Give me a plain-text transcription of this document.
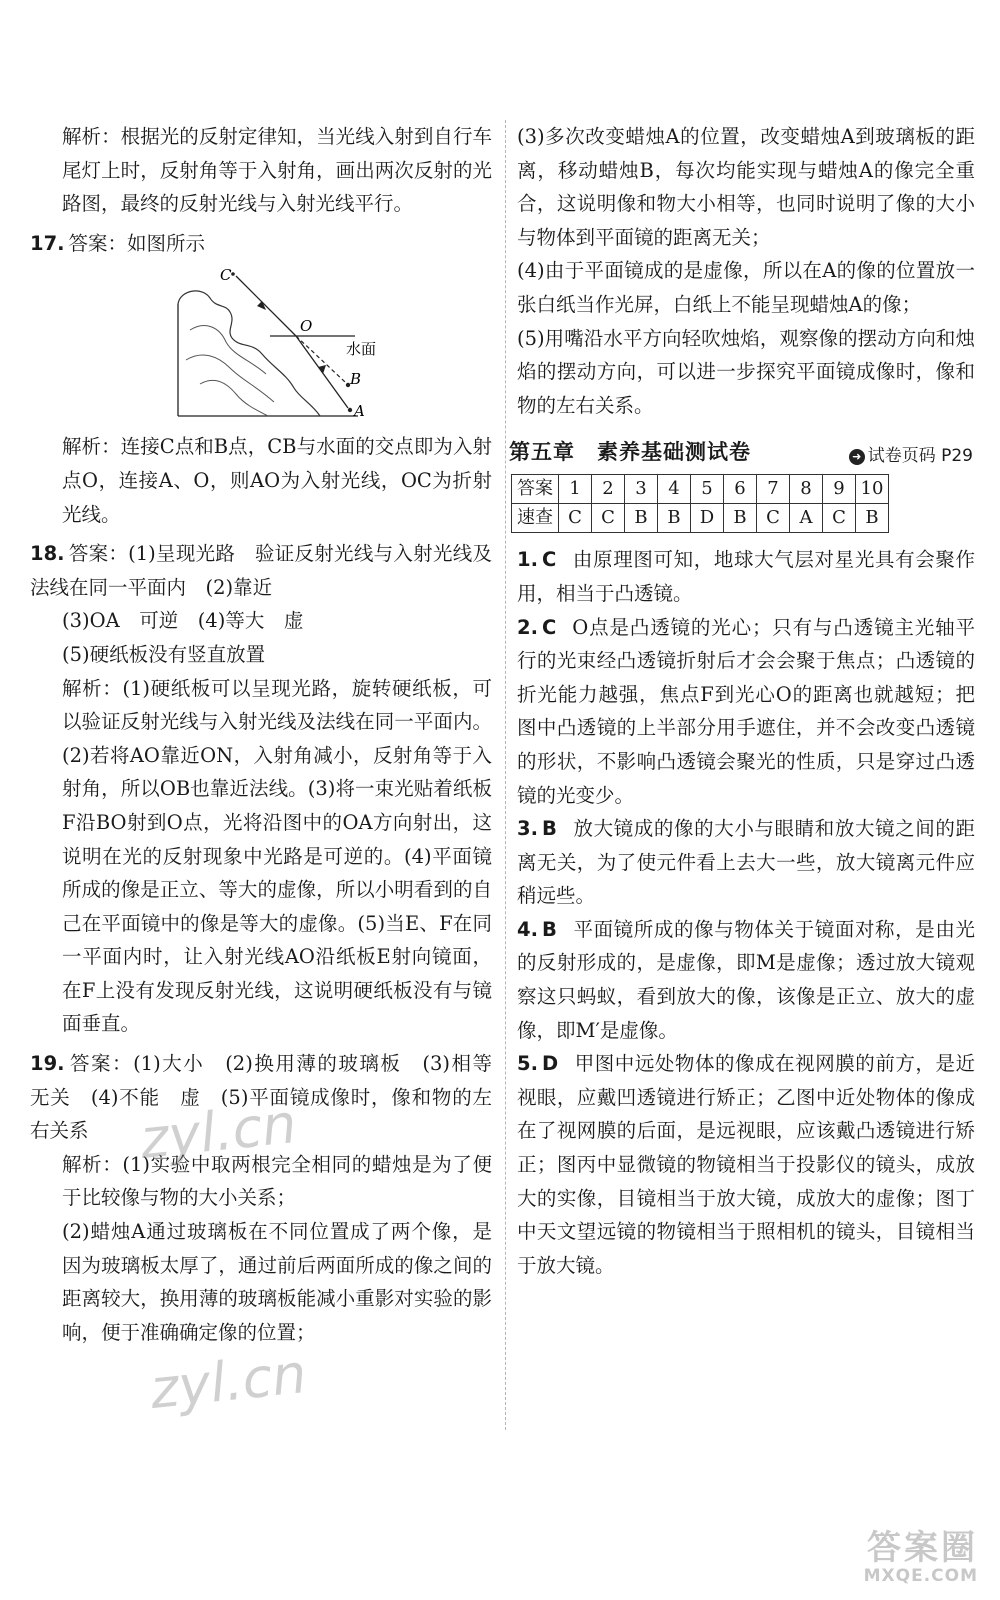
解析：根据光的反射定律知，当光线入射到自行车尾灯上时，反射角等于入射角，画出两次反射的光路图，最终的反射光线与入射光线平行。

17. 答案：如图所示

C
O
B
A
水面

解析：连接C点和B点，CB与水面的交点即为入射点O，连接A、O，则AO为入射光线，OC为折射光线。

18. 答案：(1)呈现光路　验证反射光线与入射光线及法线在同一平面内　(2)靠近

(3)OA　可逆　(4)等大　虚

(5)硬纸板没有竖直放置

解析：(1)硬纸板可以呈现光路，旋转硬纸板，可以验证反射光线与入射光线及法线在同一平面内。(2)若将AO靠近ON，入射角减小，反射角等于入射角，所以OB也靠近法线。(3)将一束光贴着纸板F沿BO射到O点，光将沿图中的OA方向射出，这说明在光的反射现象中光路是可逆的。(4)平面镜所成的像是正立、等大的虚像，所以小明看到的自己在平面镜中的像是等大的虚像。(5)当E、F在同一平面内时，让入射光线AO沿纸板E射向镜面，在F上没有发现反射光线，这说明硬纸板没有与镜面垂直。

19. 答案：(1)大小　(2)换用薄的玻璃板　(3)相等　无关　(4)不能　虚　(5)平面镜成像时，像和物的左右关系

解析：(1)实验中取两根完全相同的蜡烛是为了便于比较像与物的大小关系；

(2)蜡烛A通过玻璃板在不同位置成了两个像，是因为玻璃板太厚了，通过前后两面所成的像之间的距离较大，换用薄的玻璃板能减小重影对实验的影响，便于准确确定像的位置；

(3)多次改变蜡烛A的位置，改变蜡烛A到玻璃板的距离，移动蜡烛B，每次均能实现与蜡烛A的像完全重合，这说明像和物大小相等，也同时说明了像的大小与物体到平面镜的距离无关；

(4)由于平面镜成的是虚像，所以在A的像的位置放一张白纸当作光屏，白纸上不能呈现蜡烛A的像；

(5)用嘴沿水平方向轻吹烛焰，观察像的摆动方向和烛焰的摆动方向，可以进一步探究平面镜成像时，像和物的左右关系。

第五章 素养基础测试卷	➜ 试卷页码 P29
答案	1	2	3	4	5	6	7	8	9	10
速查	C	C	B	B	D	B	C	A	C	B

1. C 由原理图可知，地球大气层对星光具有会聚作用，相当于凸透镜。

2. C O点是凸透镜的光心；只有与凸透镜主光轴平行的光束经凸透镜折射后才会会聚于焦点；凸透镜的折光能力越强，焦点F到光心O的距离也就越短；把图中凸透镜的上半部分用手遮住，并不会改变凸透镜的形状，不影响凸透镜会聚光的性质，只是穿过凸透镜的光变少。

3. B 放大镜成的像的大小与眼睛和放大镜之间的距离无关，为了使元件看上去大一些，放大镜离元件应稍远些。

4. B 平面镜所成的像与物体关于镜面对称，是由光的反射形成的，是虚像，即M是虚像；透过放大镜观察这只蚂蚁，看到放大的像，该像是正立、放大的虚像，即M′是虚像。

5. D 甲图中远处物体的像成在视网膜的前方，是近视眼，应戴凹透镜进行矫正；乙图中近处物体的像成在了视网膜的后面，是远视眼，应该戴凸透镜进行矫正；图丙中显微镜的物镜相当于投影仪的镜头，成放大的实像，目镜相当于放大镜，成放大的虚像；图丁中天文望远镜的物镜相当于照相机的镜头，目镜相当于放大镜。

zyl.cn
zyl.cn
答案圈
MXQE.COM
